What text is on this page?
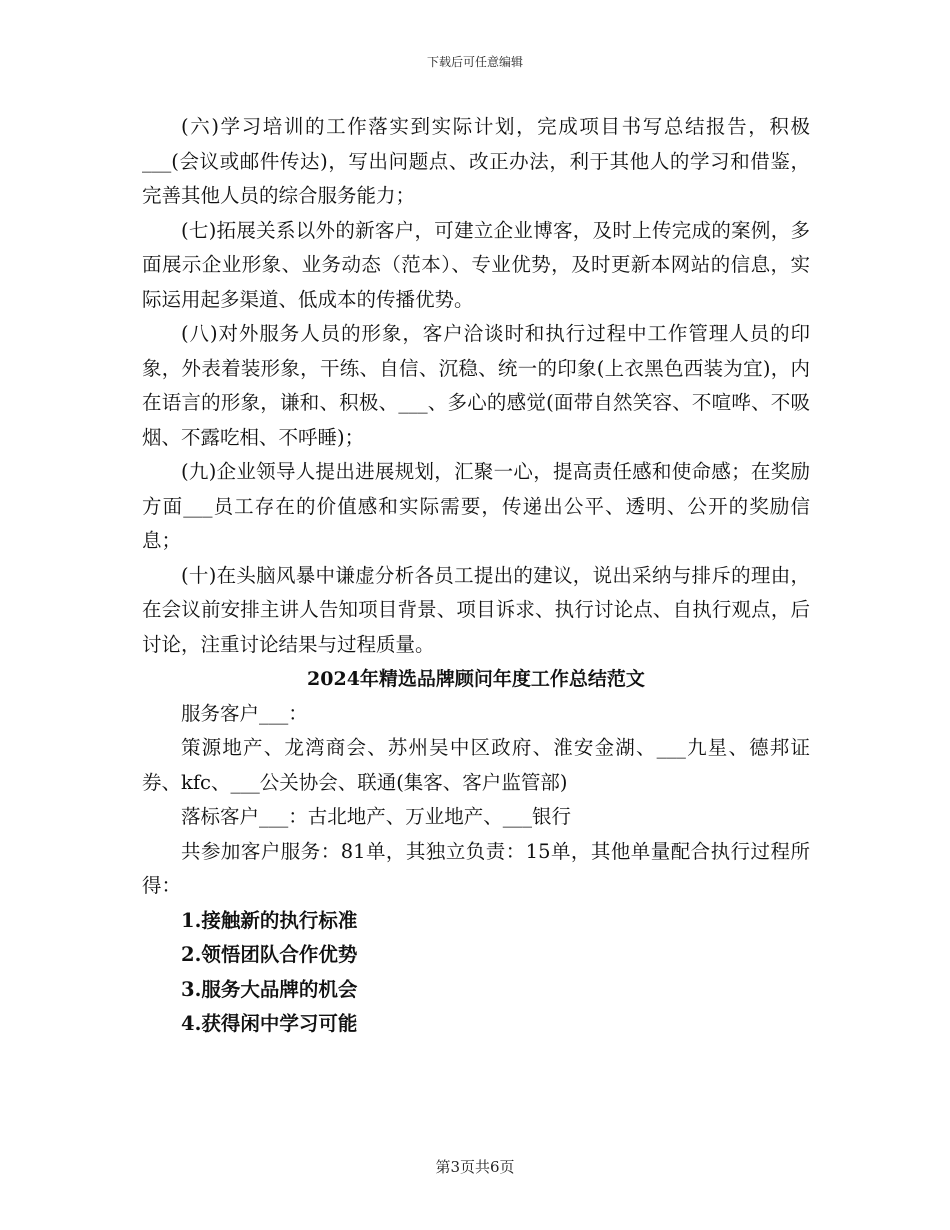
下载后可任意编辑

(六)学习培训的工作落实到实际计划，完成项目书写总结报告，积极___(会议或邮件传达)，写出问题点、改正办法，利于其他人的学习和借鉴，完善其他人员的综合服务能力；

(七)拓展关系以外的新客户，可建立企业博客，及时上传完成的案例，多面展示企业形象、业务动态（范本）、专业优势，及时更新本网站的信息，实际运用起多渠道、低成本的传播优势。

(八)对外服务人员的形象，客户洽谈时和执行过程中工作管理人员的印象，外表着装形象，干练、自信、沉稳、统一的印象(上衣黑色西装为宜)，内在语言的形象，谦和、积极、___、多心的感觉(面带自然笑容、不喧哗、不吸烟、不露吃相、不呼睡)；

(九)企业领导人提出进展规划，汇聚一心，提高责任感和使命感；在奖励方面___员工存在的价值感和实际需要，传递出公平、透明、公开的奖励信息；

(十)在头脑风暴中谦虚分析各员工提出的建议，说出采纳与排斥的理由，在会议前安排主讲人告知项目背景、项目诉求、执行讨论点、自执行观点，后讨论，注重讨论结果与过程质量。

2024年精选品牌顾问年度工作总结范文

服务客户___：

策源地产、龙湾商会、苏州吴中区政府、淮安金湖、___九星、德邦证券、kfc、___公关协会、联通(集客、客户监管部)

落标客户___：古北地产、万业地产、___银行

共参加客户服务：81单，其独立负责：15单，其他单量配合执行过程所得：

1.接触新的执行标准

2.领悟团队合作优势

3.服务大品牌的机会

4.获得闲中学习可能

第3页共6页
